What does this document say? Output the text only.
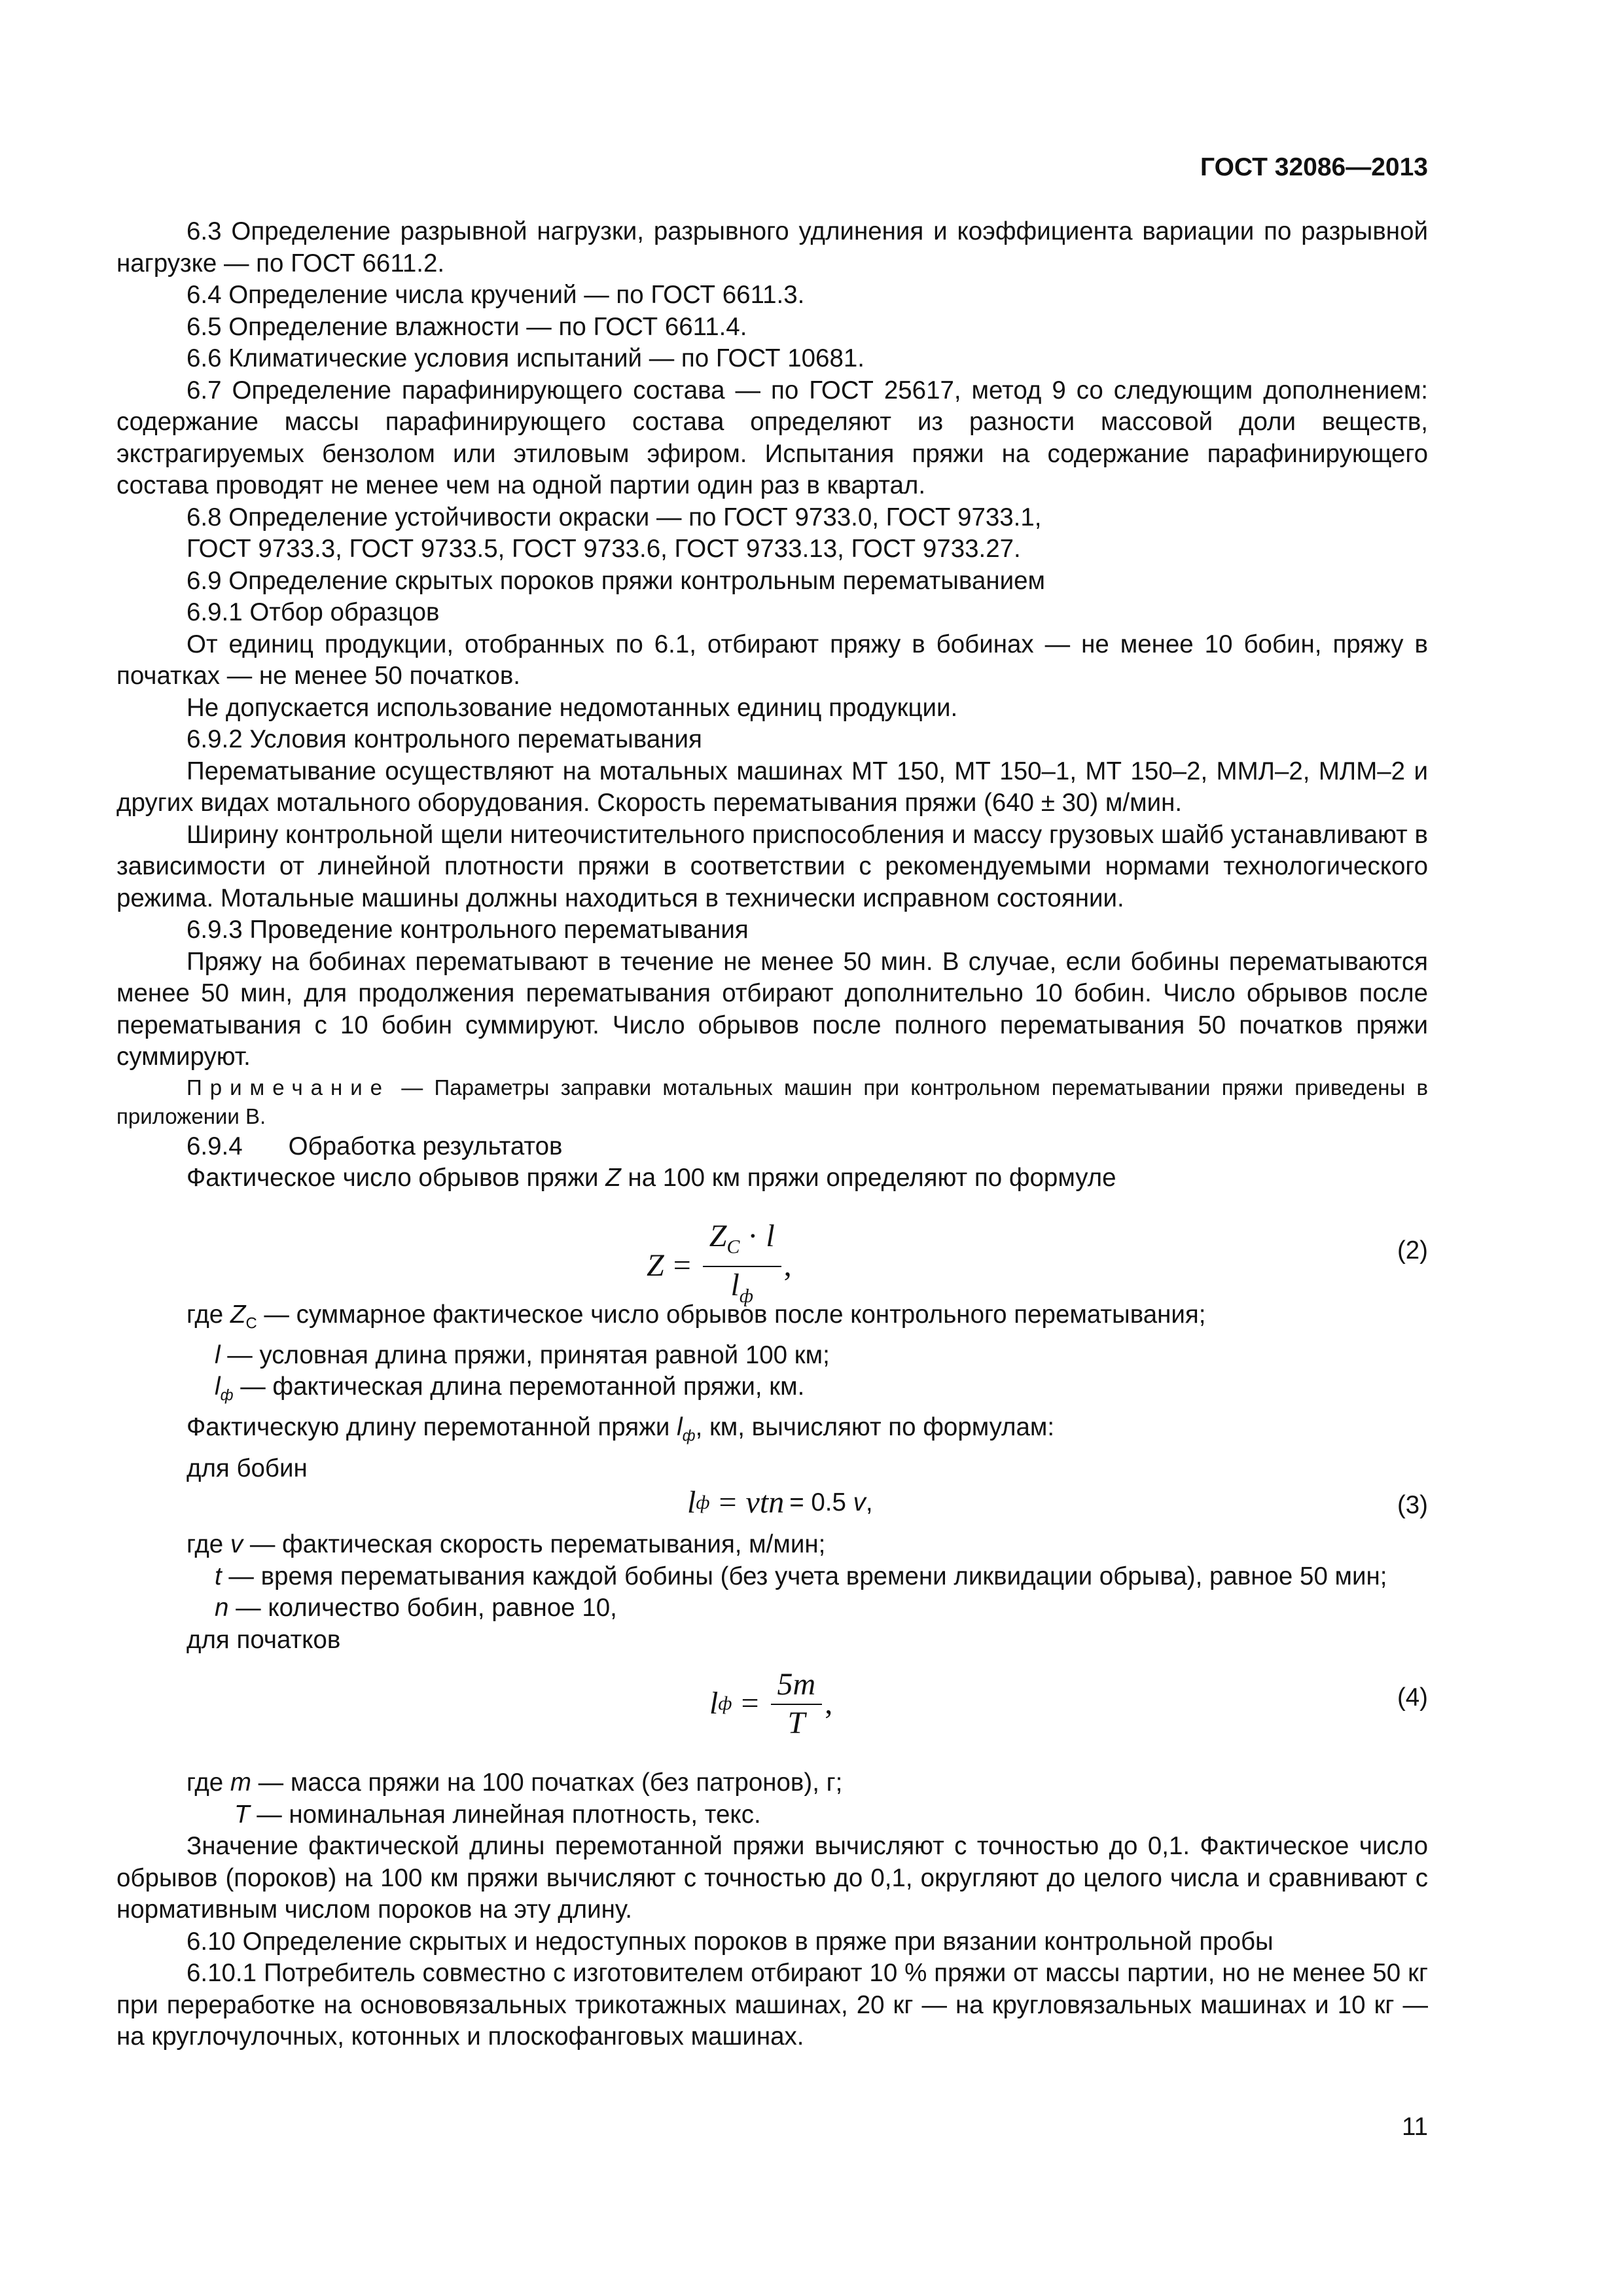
ГОСТ 32086—2013

6.3 Определение разрывной нагрузки, разрывного удлинения и коэффициента вариации по разрывной нагрузке — по ГОСТ 6611.2.

6.4 Определение числа кручений — по ГОСТ 6611.3.

6.5 Определение влажности — по ГОСТ 6611.4.

6.6 Климатические условия испытаний — по ГОСТ 10681.

6.7 Определение парафинирующего состава — по ГОСТ 25617, метод 9 со следующим дополнением: содержание массы парафинирующего состава определяют из разности массовой доли веществ, экстрагируемых бензолом или этиловым эфиром. Испытания пряжи на содержание парафинирующего состава проводят не менее чем на одной партии один раз в квартал.

6.8 Определение устойчивости окраски — по ГОСТ 9733.0, ГОСТ 9733.1,

ГОСТ 9733.3, ГОСТ 9733.5, ГОСТ 9733.6, ГОСТ 9733.13, ГОСТ 9733.27.

6.9 Определение скрытых пороков пряжи контрольным перематыванием

6.9.1 Отбор образцов

От единиц продукции, отобранных по 6.1, отбирают пряжу в бобинах — не менее 10 бобин, пряжу в початках — не менее 50 початков.

Не допускается использование недомотанных единиц продукции.

6.9.2 Условия контрольного перематывания

Перематывание осуществляют на мотальных машинах МТ 150, МТ 150–1, МТ 150–2, ММЛ–2, МЛМ–2 и других видах мотального оборудования. Скорость перематывания пряжи (640 ± 30) м/мин.

Ширину контрольной щели нитеочистительного приспособления и массу грузовых шайб устанавливают в зависимости от линейной плотности пряжи в соответствии с рекомендуемыми нормами технологического режима. Мотальные машины должны находиться в технически исправном состоянии.

6.9.3 Проведение контрольного перематывания

Пряжу на бобинах перематывают в течение не менее 50 мин. В случае, если бобины перематываются менее 50 мин, для продолжения перематывания отбирают дополнительно 10 бобин. Число обрывов после перематывания с 10 бобин суммируют. Число обрывов после полного перематывания 50 початков пряжи суммируют.

Примечание — Параметры заправки мотальных машин при контрольном перематывании пряжи приведены в приложении В.

6.9.4 Обработка результатов

Фактическое число обрывов пряжи Z на 100 км пряжи определяют по формуле

$Z = \frac{Z_C \cdot l}{l_ф}$ ,	(2)

где $Z_C$ — суммарное фактическое число обрывов после контрольного перематывания;

l — условная длина пряжи, принятая равной 100 км;

$l_ф$ — фактическая длина перемотанной пряжи, км.

Фактическую длину перемотанной пряжи $l_ф$, км, вычисляют по формулам:

для бобин

l ф = vtn = 0.5 v ,	(3)

где v — фактическая скорость перематывания, м/мин;

t — время перематывания каждой бобины (без учета времени ликвидации обрыва), равное 50 мин;

n — количество бобин, равное 10,

для початков

l $ф = \frac{5m}{T}$ ,	(4)

где m — масса пряжи на 100 початках (без патронов), г;

T — номинальная линейная плотность, текс.

Значение фактической длины перемотанной пряжи вычисляют с точностью до 0,1. Фактическое число обрывов (пороков) на 100 км пряжи вычисляют с точностью до 0,1, округляют до целого числа и сравнивают с нормативным числом пороков на эту длину.

6.10 Определение скрытых и недоступных пороков в пряже при вязании контрольной пробы

6.10.1 Потребитель совместно с изготовителем отбирают 10 % пряжи от массы партии, но не менее 50 кг при переработке на основовязальных трикотажных машинах, 20 кг — на кругловязальных машинах и 10 кг — на круглочулочных, котонных и плоскофанговых машинах.

11
